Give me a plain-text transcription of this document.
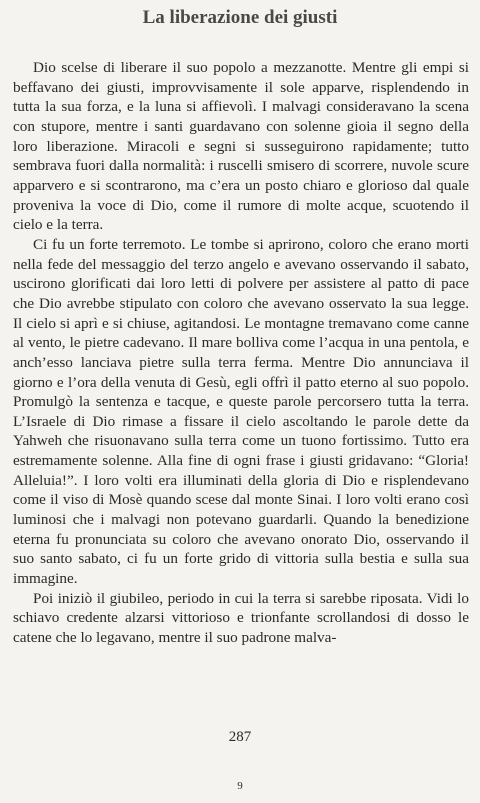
La liberazione dei giusti

Dio scelse di liberare il suo popolo a mezzanotte. Mentre gli empi si beffavano dei giusti, improvvisamente il sole apparve, risplendendo in tutta la sua forza, e la luna si affievolì. I malvagi consideravano la scena con stupore, mentre i santi guardavano con solenne gioia il segno della loro liberazione. Miracoli e segni si susseguirono rapidamente; tutto sembrava fuori dalla normalità: i ruscelli smisero di scorrere, nuvole scure apparvero e si scontrarono, ma c’era un posto chiaro e glorioso dal quale proveniva la voce di Dio, come il rumore di molte acque, scuotendo il cielo e la terra.

Ci fu un forte terremoto. Le tombe si aprirono, coloro che erano morti nella fede del messaggio del terzo angelo e avevano osservando il sabato, uscirono glorificati dai loro letti di polvere per assistere al patto di pace che Dio avrebbe stipulato con coloro che avevano osservato la sua legge. Il cielo si aprì e si chiuse, agitandosi. Le montagne tremavano come canne al vento, le pietre cadevano. Il mare bolliva come l’acqua in una pentola, e anch’esso lanciava pietre sulla terra ferma. Mentre Dio annunciava il giorno e l’ora della venuta di Gesù, egli offrì il patto eterno al suo popolo. Promulgò la sentenza e tacque, e queste parole percorsero tutta la terra. L’Israele di Dio rimase a fissare il cielo ascoltando le parole dette da Yahweh che risuonavano sulla terra come un tuono fortissimo. Tutto era estremamente solenne. Alla fine di ogni frase i giusti gridavano: “Gloria! Alleluia!”. I loro volti era illuminati della gloria di Dio e risplendevano come il viso di Mosè quando scese dal monte Sinai. I loro volti erano così luminosi che i malvagi non potevano guardarli. Quando la benedizione eterna fu pronunciata su coloro che avevano onorato Dio, osservando il suo santo sabato, ci fu un forte grido di vittoria sulla bestia e sulla sua immagine.

Poi iniziò il giubileo, periodo in cui la terra si sarebbe riposata. Vidi lo schiavo credente alzarsi vittorioso e trionfante scrollandosi di dosso le catene che lo legavano, mentre il suo padrone malva-

287
9
